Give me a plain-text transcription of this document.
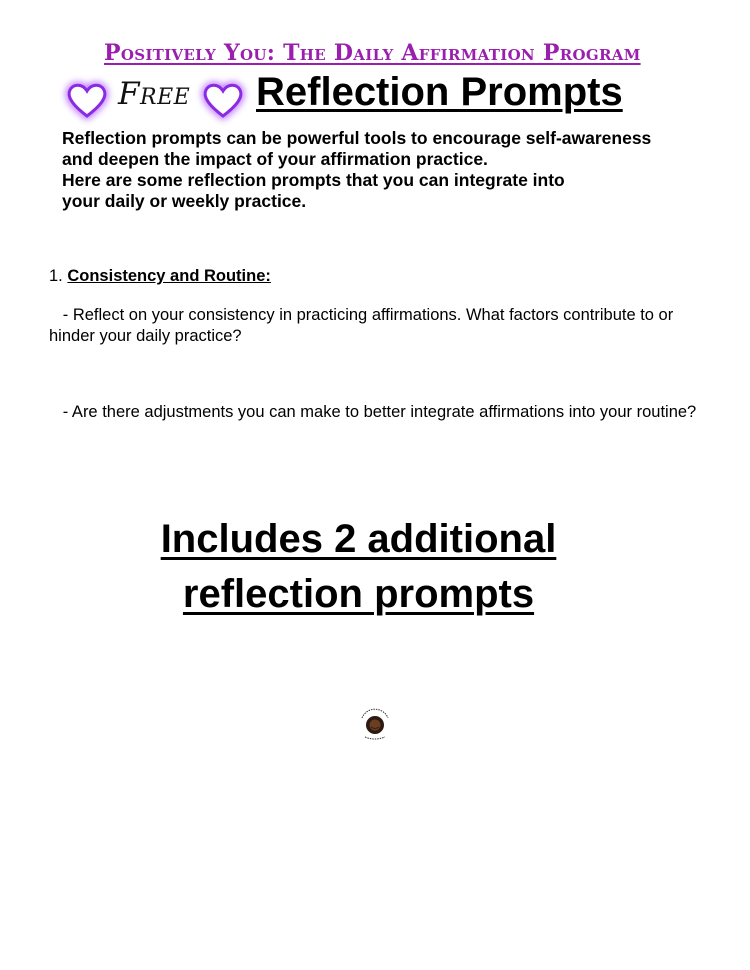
Positively You: The Daily Affirmation Program
Free Reflection Prompts

Reflection prompts can be powerful tools to encourage self-awareness

and deepen the impact of your affirmation practice.

Here are some reflection prompts that you can integrate into

your daily or weekly practice.

1. Consistency and Routine:
- Reflect on your consistency in practicing affirmations. What factors contribute to or hinder your daily practice?
- Are there adjustments you can make to better integrate affirmations into your routine?
Includes 2 additional
reflection prompts
